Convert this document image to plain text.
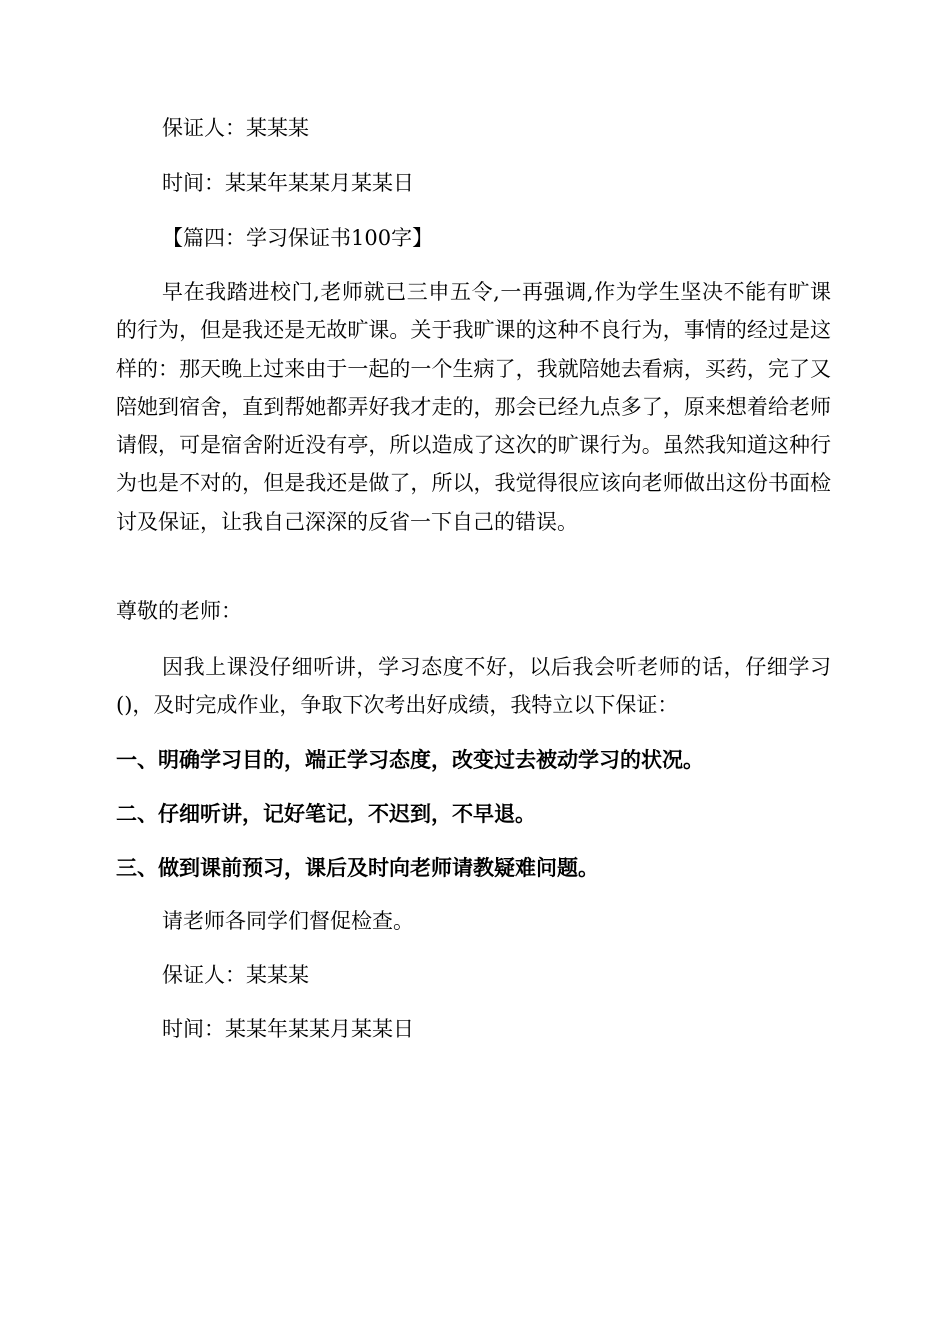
保证人：某某某
时间：某某年某某月某某日
【篇四：学习保证书100字】

早在我踏进校门,老师就已三申五令,一再强调,作为学生坚决不能有旷课的行为，但是我还是无故旷课。关于我旷课的这种不良行为，事情的经过是这样的：那天晚上过来由于一起的一个生病了，我就陪她去看病，买药，完了又陪她到宿舍，直到帮她都弄好我才走的，那会已经九点多了，原来想着给老师请假，可是宿舍附近没有亭，所以造成了这次的旷课行为。虽然我知道这种行为也是不对的，但是我还是做了，所以，我觉得很应该向老师做出这份书面检讨及保证，让我自己深深的反省一下自己的错误。

尊敬的老师：

因我上课没仔细听讲，学习态度不好，以后我会听老师的话，仔细学习()，及时完成作业，争取下次考出好成绩，我特立以下保证：

一、明确学习目的，端正学习态度，改变过去被动学习的状况。
二、仔细听讲，记好笔记，不迟到，不早退。
三、做到课前预习，课后及时向老师请教疑难问题。
请老师各同学们督促检查。
保证人：某某某
时间：某某年某某月某某日
